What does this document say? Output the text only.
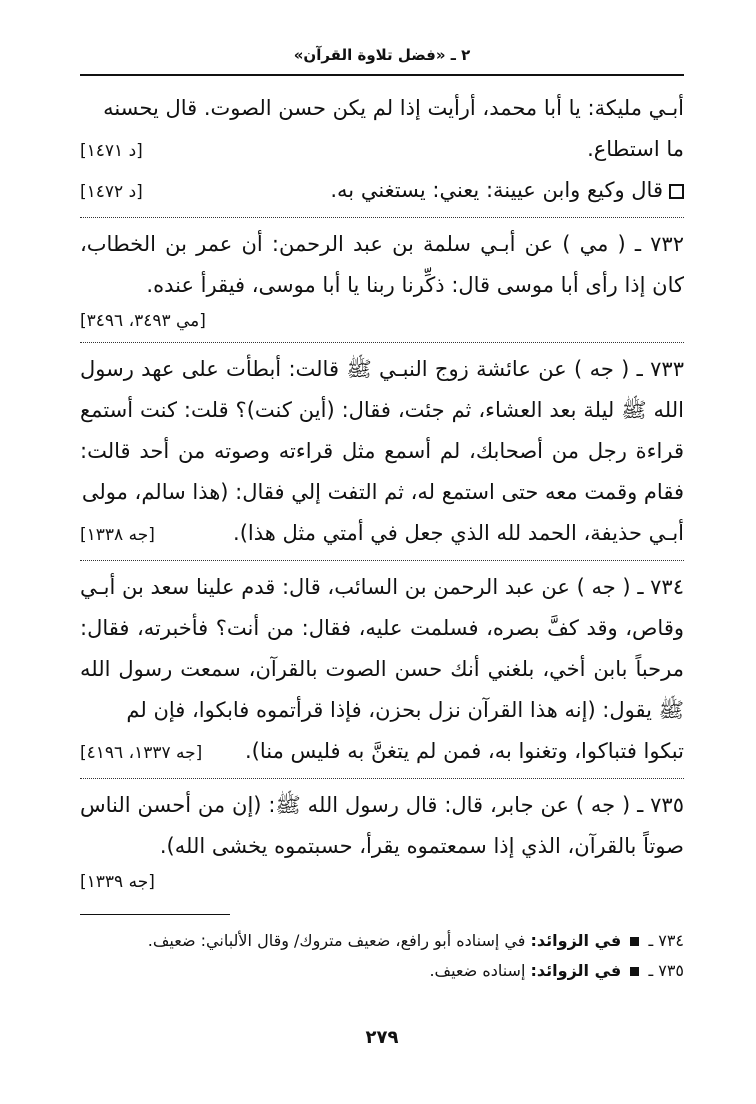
٢ ـ «فضل تلاوة القرآن»

أبـي مليكة: يا أبا محمد، أرأيت إذا لم يكن حسن الصوت. قال يحسنه

ما استطاع.
[د ١٤٧١]
قال وكيع وابن عيينة: يعني: يستغني به.
[د ١٤٧٢]

٧٣٢ ـ ( مي ) عن أبـي سلمة بن عبد الرحمن: أن عمر بن الخطاب، كان إذا رأى أبا موسى قال: ذكِّرنا ربنا يا أبا موسى، فيقرأ عنده.

[مي ٣٤٩٣، ٣٤٩٦]

٧٣٣ ـ ( جه ) عن عائشة زوج النبـي ﷺ قالت: أبطأت على عهد رسول الله ﷺ ليلة بعد العشاء، ثم جئت، فقال: (أين كنت)؟ قلت: كنت أستمع قراءة رجل من أصحابك، لم أسمع مثل قراءته وصوته من أحد قالت: فقام وقمت معه حتى استمع له، ثم التفت إلي فقال: (هذا سالم، مولى

أبـي حذيفة، الحمد لله الذي جعل في أمتي مثل هذا).
[جه ١٣٣٨]

٧٣٤ ـ ( جه ) عن عبد الرحمن بن السائب، قال: قدم علينا سعد بن أبـي وقاص، وقد كفَّ بصره، فسلمت عليه، فقال: من أنت؟ فأخبرته، فقال: مرحباً بابن أخي، بلغني أنك حسن الصوت بالقرآن، سمعت رسول الله ﷺ يقول: (إنه هذا القرآن نزل بحزن، فإذا قرأتموه فابكوا، فإن لم

تبكوا فتباكوا، وتغنوا به، فمن لم يتغنَّ به فليس منا).
[جه ١٣٣٧، ٤١٩٦]

٧٣٥ ـ ( جه ) عن جابر، قال: قال رسول الله ﷺ: (إن من أحسن الناس صوتاً بالقرآن، الذي إذا سمعتموه يقرأ، حسبتموه يخشى الله).

[جه ١٣٣٩]

٧٣٤ ـ  في الزوائد: في إسناده أبو رافع، ضعيف متروك/ وقال الألباني: ضعيف.

٧٣٥ ـ  في الزوائد: إسناده ضعيف.

٢٧٩
